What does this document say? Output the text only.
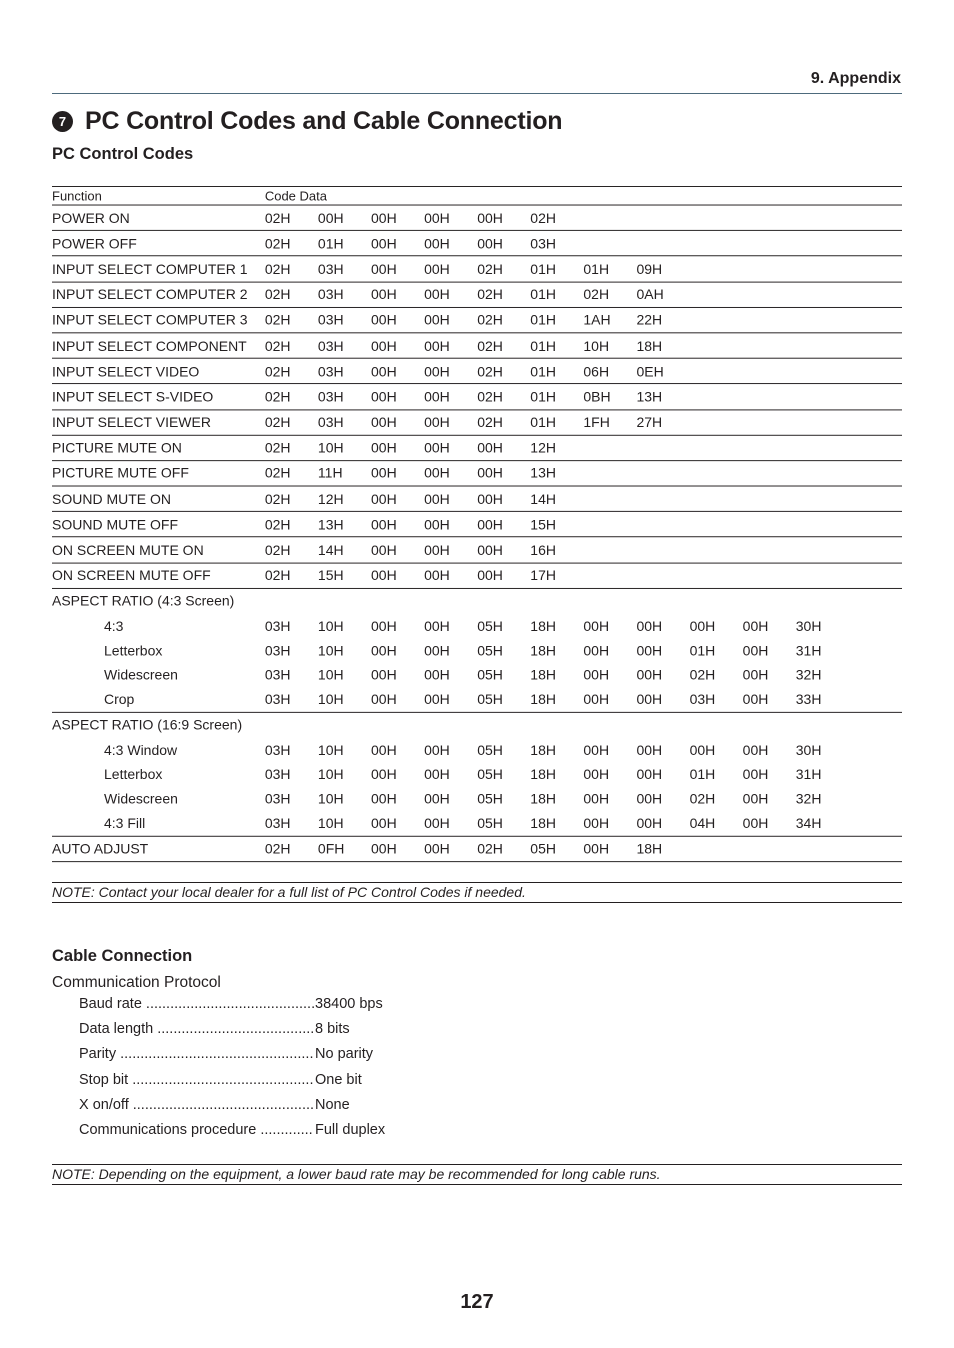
9. Appendix
7 PC Control Codes and Cable Connection
PC Control Codes
Function	Code Data											
POWER ON	02H	00H	00H	00H	00H	02H						
POWER OFF	02H	01H	00H	00H	00H	03H						
INPUT SELECT COMPUTER 1	02H	03H	00H	00H	02H	01H	01H	09H				
INPUT SELECT COMPUTER 2	02H	03H	00H	00H	02H	01H	02H	0AH				
INPUT SELECT COMPUTER 3	02H	03H	00H	00H	02H	01H	1AH	22H				
INPUT SELECT COMPONENT	02H	03H	00H	00H	02H	01H	10H	18H				
INPUT SELECT VIDEO	02H	03H	00H	00H	02H	01H	06H	0EH				
INPUT SELECT S-VIDEO	02H	03H	00H	00H	02H	01H	0BH	13H				
INPUT SELECT VIEWER	02H	03H	00H	00H	02H	01H	1FH	27H				
PICTURE MUTE ON	02H	10H	00H	00H	00H	12H						
PICTURE MUTE OFF	02H	11H	00H	00H	00H	13H						
SOUND MUTE ON	02H	12H	00H	00H	00H	14H						
SOUND MUTE OFF	02H	13H	00H	00H	00H	15H						
ON SCREEN MUTE ON	02H	14H	00H	00H	00H	16H						
ON SCREEN MUTE OFF	02H	15H	00H	00H	00H	17H						
ASPECT RATIO (4:3 Screen)												
4:3	03H	10H	00H	00H	05H	18H	00H	00H	00H	00H	30H	
Letterbox	03H	10H	00H	00H	05H	18H	00H	00H	01H	00H	31H	
Widescreen	03H	10H	00H	00H	05H	18H	00H	00H	02H	00H	32H	
Crop	03H	10H	00H	00H	05H	18H	00H	00H	03H	00H	33H	
ASPECT RATIO (16:9 Screen)												
4:3 Window	03H	10H	00H	00H	05H	18H	00H	00H	00H	00H	30H	
Letterbox	03H	10H	00H	00H	05H	18H	00H	00H	01H	00H	31H	
Widescreen	03H	10H	00H	00H	05H	18H	00H	00H	02H	00H	32H	
4:3 Fill	03H	10H	00H	00H	05H	18H	00H	00H	04H	00H	34H	
AUTO ADJUST	02H	0FH	00H	00H	02H	05H	00H	18H				
NOTE: Contact your local dealer for a full list of PC Control Codes if needed.
Cable Connection
Communication Protocol
Baud rate .....	38400 bps
Data length .....	8 bits
Parity .....	No parity
Stop bit .....	One bit
X on/off .....	None
Communications procedure .....	Full duplex
NOTE: Depending on the equipment, a lower baud rate may be recommended for long cable runs.
127
